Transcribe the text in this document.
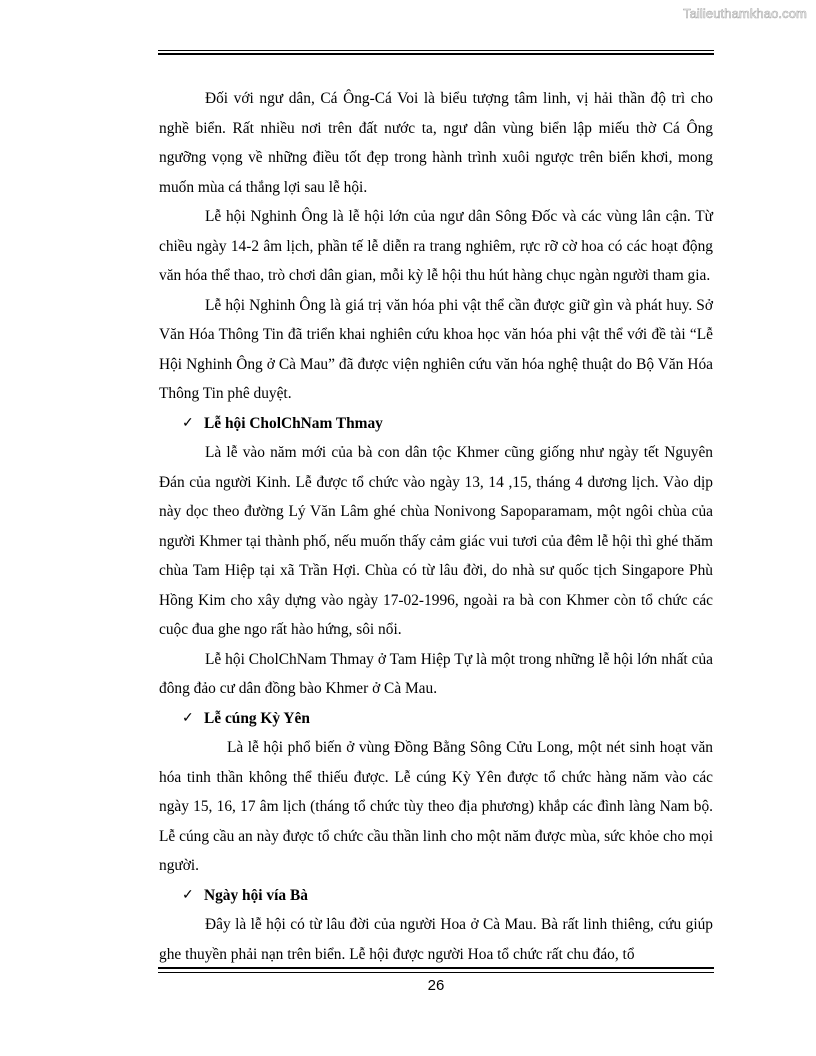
Tailieuthamkhao.com

Đối với ngư dân, Cá Ông-Cá Voi là biểu tượng tâm linh, vị hải thần độ trì cho nghề biển. Rất nhiều nơi trên đất nước ta, ngư dân vùng biển lập miếu thờ Cá Ông ngưỡng vọng về những điều tốt đẹp trong hành trình xuôi ngược trên biển khơi, mong muốn mùa cá thắng lợi sau lễ hội.

Lễ hội Nghinh Ông là lễ hội lớn của ngư dân Sông Đốc và các vùng lân cận. Từ chiều ngày 14-2 âm lịch, phần tế lễ diễn ra trang nghiêm, rực rỡ cờ hoa có các hoạt động văn hóa thể thao, trò chơi dân gian, mỗi kỳ lễ hội thu hút hàng chục ngàn người tham gia.

Lễ hội Nghinh Ông là giá trị văn hóa phi vật thể cần được giữ gìn và phát huy. Sở Văn Hóa Thông Tin đã triển khai nghiên cứu khoa học văn hóa phi vật thể với đề tài “Lễ Hội Nghinh Ông ở Cà Mau” đã được viện nghiên cứu văn hóa nghệ thuật do Bộ Văn Hóa Thông Tin phê duyệt.

✓ Lễ hội CholChNam Thmay

Là lễ vào năm mới của bà con dân tộc Khmer cũng giống như ngày tết Nguyên Đán của người Kinh. Lễ được tổ chức vào ngày 13, 14 ,15, tháng 4 dương lịch. Vào dịp này dọc theo đường Lý Văn Lâm ghé chùa Nonivong Sapoparamam, một ngôi chùa của người Khmer tại thành phố, nếu muốn thấy cảm giác vui tươi của đêm lễ hội thì ghé thăm chùa Tam Hiệp tại xã Trần Hợi. Chùa có từ lâu đời, do nhà sư quốc tịch Singapore Phù Hồng Kim cho xây dựng vào ngày 17-02-1996, ngoài ra bà con Khmer còn tổ chức các cuộc đua ghe ngo rất hào hứng, sôi nổi.

Lễ hội CholChNam Thmay ở Tam Hiệp Tự là một trong những lễ hội lớn nhất của đông đảo cư dân đồng bào Khmer ở Cà Mau.

✓ Lễ cúng Kỳ Yên

Là lễ hội phổ biến ở vùng Đồng Bằng Sông Cửu Long, một nét sinh hoạt văn hóa tinh thần không thể thiếu được. Lễ cúng Kỳ Yên được tổ chức hàng năm vào các ngày 15, 16, 17 âm lịch (tháng tổ chức tùy theo địa phương) khắp các đình làng Nam bộ. Lễ cúng cầu an này được tổ chức cầu thần linh cho một năm được mùa, sức khỏe cho mọi người.

✓ Ngày hội vía Bà

Đây là lễ hội có từ lâu đời của người Hoa ở Cà Mau. Bà rất linh thiêng, cứu giúp ghe thuyền phải nạn trên biển. Lễ hội được người Hoa tổ chức rất chu đáo, tổ

26
